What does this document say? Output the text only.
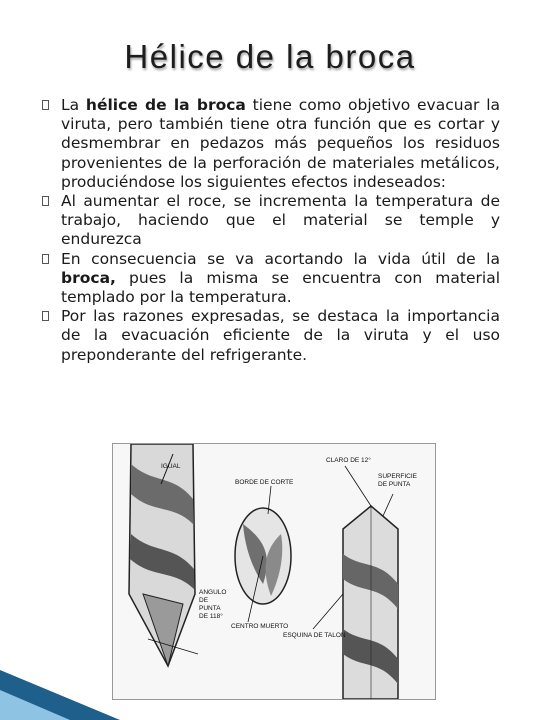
Hélice de la broca
La hélice de la broca tiene como objetivo evacuar la viruta, pero también tiene otra función que es cortar y desmembrar en pedazos más pequeños los residuos provenientes de la perforación de materiales metálicos, produciéndose los siguientes efectos indeseados:
Al aumentar el roce, se incrementa la temperatura de trabajo, haciendo que el material se temple y endurezca
En consecuencia se va acortando la vida útil de la broca, pues la misma se encuentra con material templado por la temperatura.
Por las razones expresadas, se destaca la importancia de la evacuación eficiente de la viruta y el uso preponderante del refrigerante.
IGUAL
BORDE DE CORTE
CLARO DE 12°
SUPERFICIE
DE PUNTA
ANGULO
DE
PUNTA
DE 118°
CENTRO MUERTO
ESQUINA DE TALON
